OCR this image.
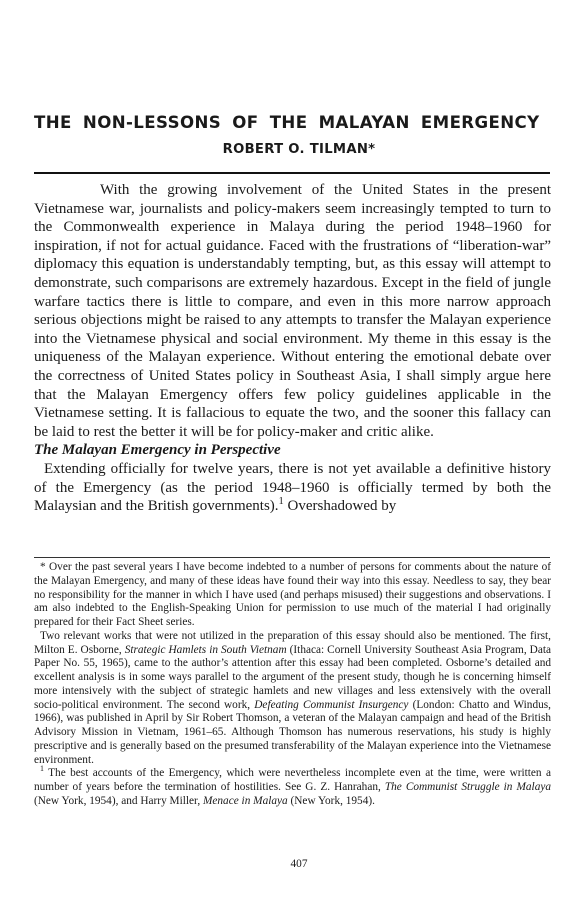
THE NON-LESSONS OF THE MALAYAN EMERGENCY
ROBERT O. TILMAN*

With the growing involvement of the United States in the present Vietnamese war, journalists and policy-makers seem increasingly tempted to turn to the Commonwealth experience in Malaya during the period 1948–1960 for inspiration, if not for actual guidance. Faced with the frustrations of “liberation-war” diplomacy this equation is understandably tempting, but, as this essay will attempt to demonstrate, such comparisons are extremely hazardous. Except in the field of jungle warfare tactics there is little to compare, and even in this more narrow approach serious objections might be raised to any attempts to transfer the Malayan experience into the Vietnamese physical and social environment. My theme in this essay is the uniqueness of the Malayan experience. Without entering the emotional debate over the correctness of United States policy in Southeast Asia, I shall simply argue here that the Malayan Emergency offers few policy guidelines applicable in the Vietnamese setting. It is fallacious to equate the two, and the sooner this fallacy can be laid to rest the better it will be for policy-maker and critic alike.

The Malayan Emergency in Perspective

Extending officially for twelve years, there is not yet available a definitive history of the Emergency (as the period 1948–1960 is officially termed by both the Malaysian and the British governments).$^1$ Overshadowed by

* Over the past several years I have become indebted to a number of persons for comments about the nature of the Malayan Emergency, and many of these ideas have found their way into this essay. Needless to say, they bear no responsibility for the manner in which I have used (and perhaps misused) their suggestions and observations. I am also indebted to the English-Speaking Union for permission to use much of the material I had originally prepared for their Fact Sheet series.

Two relevant works that were not utilized in the preparation of this essay should also be mentioned. The first, Milton E. Osborne, Strategic Hamlets in South Vietnam (Ithaca: Cornell University Southeast Asia Program, Data Paper No. 55, 1965), came to the author’s attention after this essay had been completed. Osborne’s detailed and excellent analysis is in some ways parallel to the argument of the present study, though he is concerning himself more intensively with the subject of strategic hamlets and new villages and less extensively with the overall socio-political environment. The second work, Defeating Communist Insurgency (London: Chatto and Windus, 1966), was published in April by Sir Robert Thomson, a veteran of the Malayan campaign and head of the British Advisory Mission in Vietnam, 1961–65. Although Thomson has numerous reservations, his study is highly prescriptive and is generally based on the presumed transferability of the Malayan experience into the Vietnamese environment.

$^1$ The best accounts of the Emergency, which were nevertheless incomplete even at the time, were written a number of years before the termination of hostilities. See G. Z. Hanrahan, The Communist Struggle in Malaya (New York, 1954), and Harry Miller, Menace in Malaya (New York, 1954).

407
